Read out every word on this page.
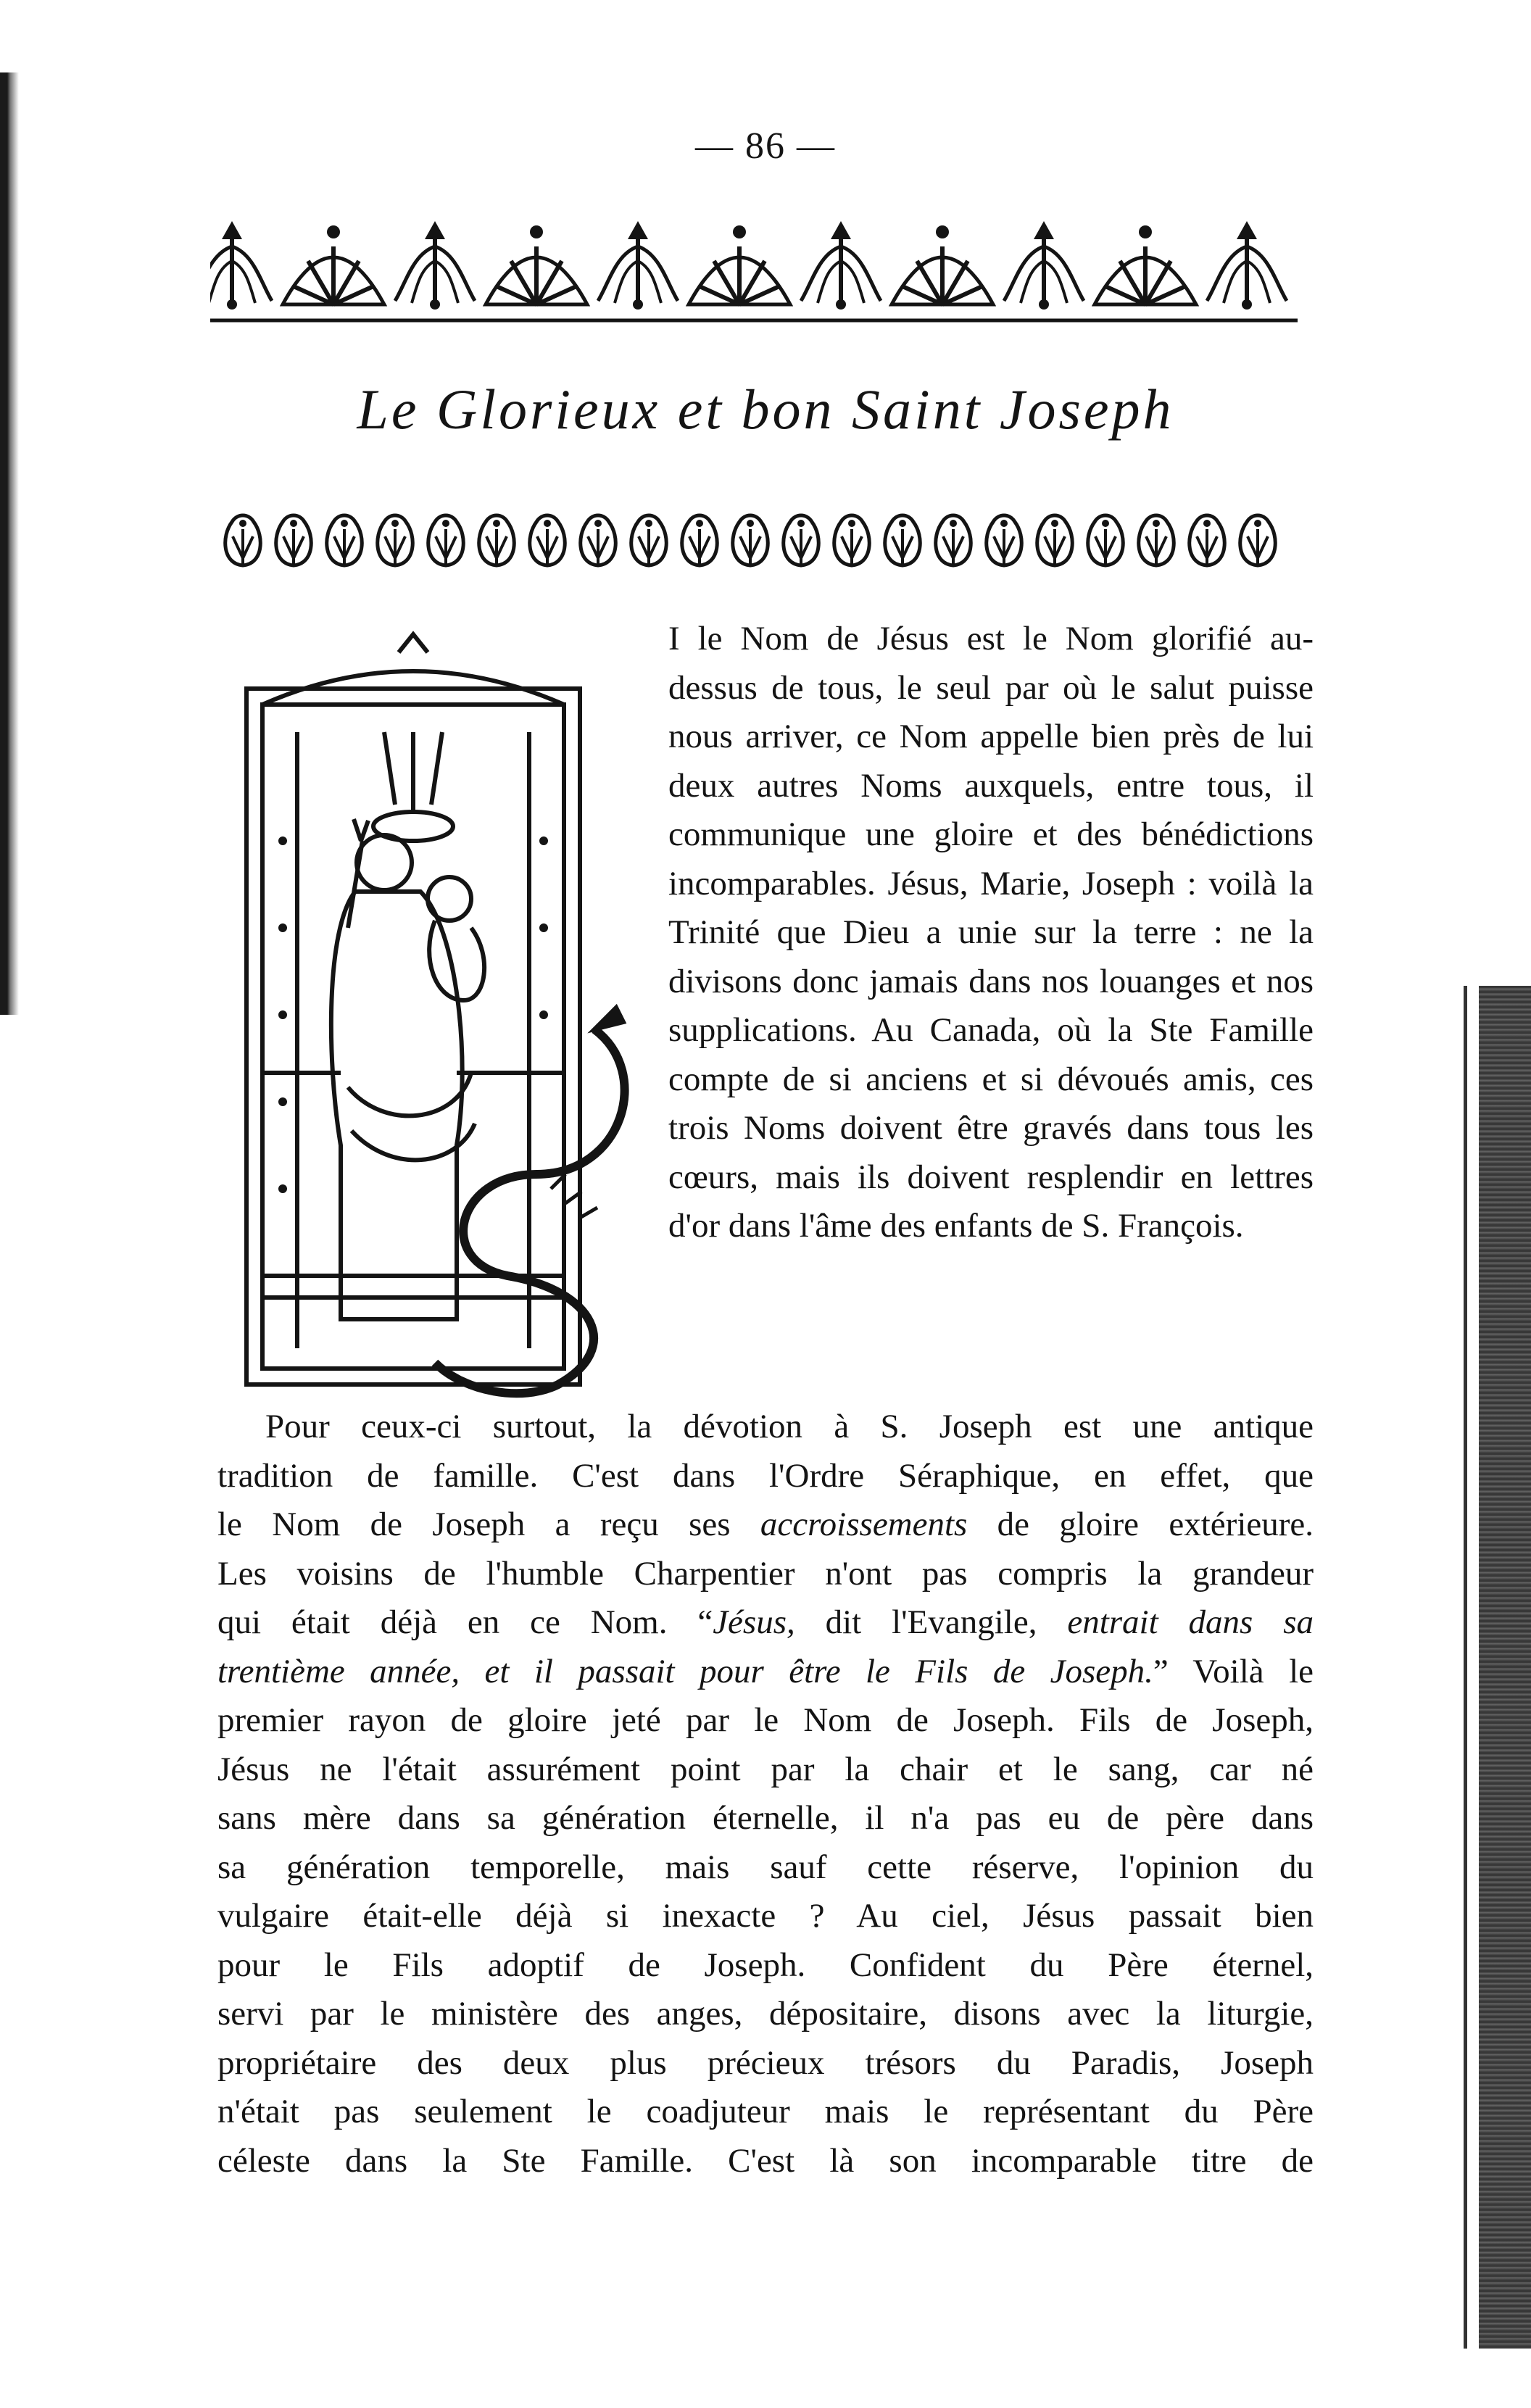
— 86 —
Le Glorieux et bon Saint Joseph

I le Nom de Jésus est le Nom glorifié au-dessus de tous, le seul par où le salut puisse nous arriver, ce Nom appelle bien près de lui deux autres Noms auxquels, entre tous, il communique une gloire et des bénédictions incomparables. Jésus, Marie, Joseph : voilà la Trinité que Dieu a unie sur la terre : ne la divisons donc jamais dans nos louanges et nos supplications. Au Canada, où la Ste Famille compte de si anciens et si dévoués amis, ces trois Noms doivent être gravés dans tous les cœurs, mais ils doivent resplendir en lettres d'or dans l'âme des enfants de S. François.

Pour ceux-ci surtout, la dévotion à S. Joseph est une antique
tradition de famille. C'est dans l'Ordre Séraphique, en effet, que
le Nom de Joseph a reçu ses accroissements de gloire extérieure.
Les voisins de l'humble Charpentier n'ont pas compris la grandeur
qui était déjà en ce Nom. “Jésus, dit l'Evangile, entrait dans sa
trentième année, et il passait pour être le Fils de Joseph.” Voilà le
premier rayon de gloire jeté par le Nom de Joseph. Fils de Joseph,
Jésus ne l'était assurément point par la chair et le sang, car né
sans mère dans sa génération éternelle, il n'a pas eu de père dans
sa génération temporelle, mais sauf cette réserve, l'opinion du
vulgaire était-elle déjà si inexacte ? Au ciel, Jésus passait bien
pour le Fils adoptif de Joseph. Confident du Père éternel,
servi par le ministère des anges, dépositaire, disons avec la liturgie,
propriétaire des deux plus précieux trésors du Paradis, Joseph
n'était pas seulement le coadjuteur mais le représentant du Père
céleste dans la Ste Famille. C'est là son incomparable titre de
